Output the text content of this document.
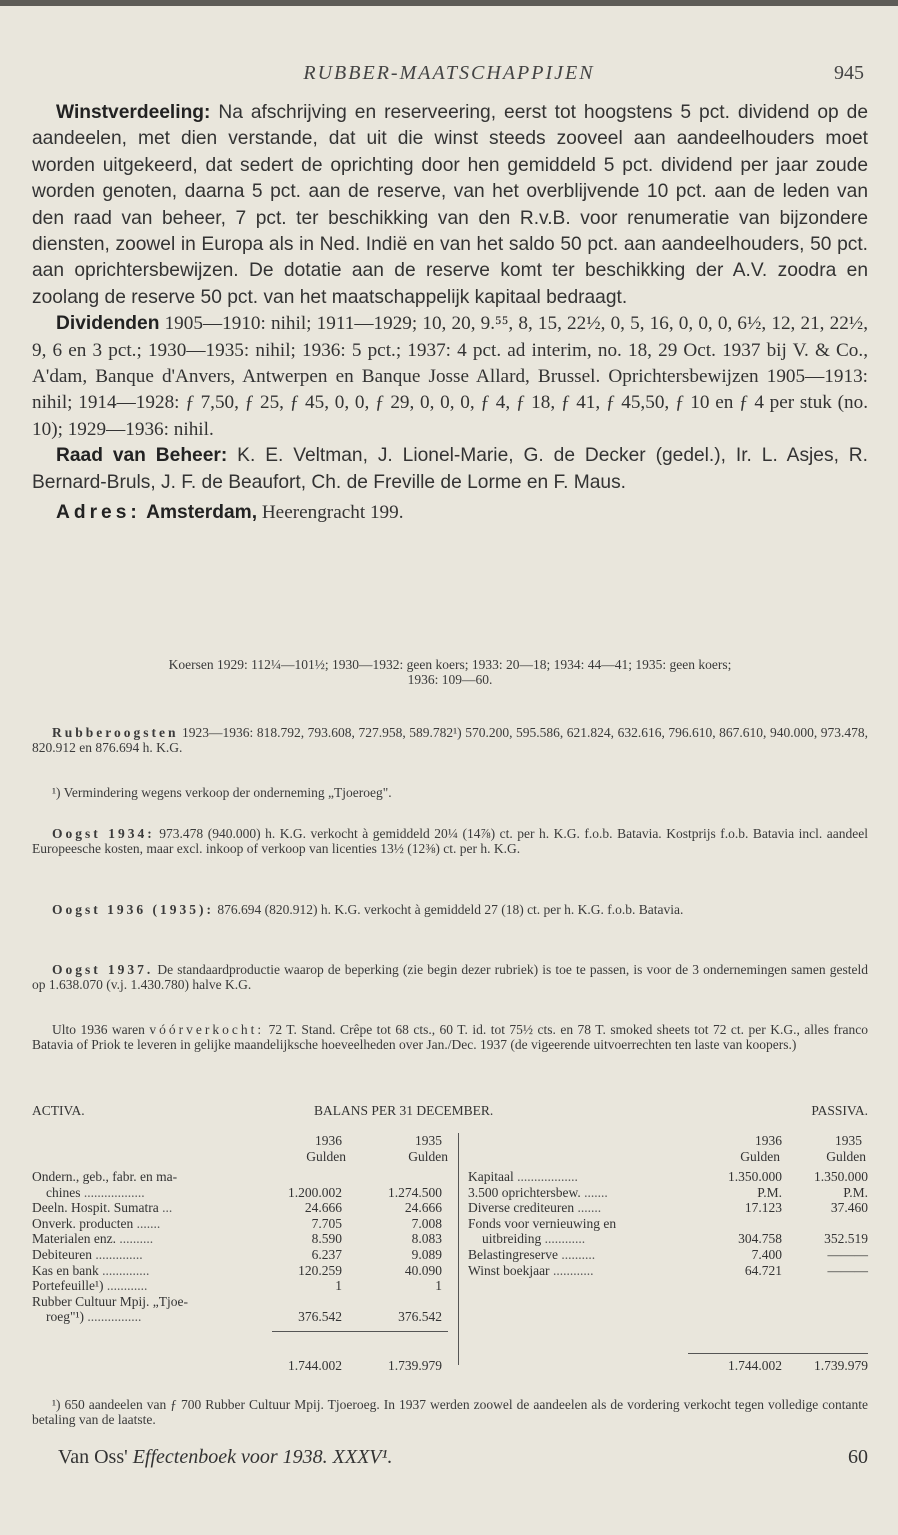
RUBBER-MAATSCHAPPIJEN	945

Winstverdeeling: Na afschrijving en reserveering, eerst tot hoogstens 5 pct. dividend op de aandeelen, met dien verstande, dat uit die winst steeds zooveel aan aandeelhouders moet worden uitgekeerd, dat sedert de oprichting door hen gemiddeld 5 pct. dividend per jaar zoude worden genoten, daarna 5 pct. aan de reserve, van het overblijvende 10 pct. aan de leden van den raad van beheer, 7 pct. ter beschikking van den R.v.B. voor renumeratie van bijzondere diensten, zoowel in Europa als in Ned. Indië en van het saldo 50 pct. aan aandeelhouders, 50 pct. aan oprichtersbewijzen. De dotatie aan de reserve komt ter beschikking der A.V. zoodra en zoolang de reserve 50 pct. van het maatschappelijk kapitaal bedraagt.

Dividenden 1905—1910: nihil; 1911—1929; 10, 20, 9.⁵⁵, 8, 15, 22½, 0, 5, 16, 0, 0, 0, 6½, 12, 21, 22½, 9, 6 en 3 pct.; 1930—1935: nihil; 1936: 5 pct.; 1937: 4 pct. ad interim, no. 18, 29 Oct. 1937 bij V. & Co., A'dam, Banque d'Anvers, Antwerpen en Banque Josse Allard, Brussel. Oprichtersbewijzen 1905—1913: nihil; 1914—1928: ƒ 7,50, ƒ 25, ƒ 45, 0, 0, ƒ 29, 0, 0, 0, ƒ 4, ƒ 18, ƒ 41, ƒ 45,50, ƒ 10 en ƒ 4 per stuk (no. 10); 1929—1936: nihil.

Raad van Beheer: K. E. Veltman, J. Lionel-Marie, G. de Decker (gedel.), Ir. L. Asjes, R. Bernard-Bruls, J. F. de Beaufort, Ch. de Freville de Lorme en F. Maus.

Adres: Amsterdam, Heerengracht 199.

Koersen 1929: 112¼—101½; 1930—1932: geen koers; 1933: 20—18; 1934: 44—41; 1935: geen koers;

1936: 109—60.

Rubberoogsten 1923—1936: 818.792, 793.608, 727.958, 589.782¹) 570.200, 595.586, 621.824, 632.616, 796.610, 867.610, 940.000, 973.478, 820.912 en 876.694 h. K.G.

¹) Vermindering wegens verkoop der onderneming „Tjoeroeg".

Oogst 1934: 973.478 (940.000) h. K.G. verkocht à gemiddeld 20¼ (14⅞) ct. per h. K.G. f.o.b. Batavia. Kostprijs f.o.b. Batavia incl. aandeel Europeesche kosten, maar excl. inkoop of verkoop van licenties 13½ (12⅜) ct. per h. K.G.

Oogst 1936 (1935): 876.694 (820.912) h. K.G. verkocht à gemiddeld 27 (18) ct. per h. K.G. f.o.b. Batavia.

Oogst 1937. De standaardproductie waarop de beperking (zie begin dezer rubriek) is toe te passen, is voor de 3 ondernemingen samen gesteld op 1.638.070 (v.j. 1.430.780) halve K.G.

Ulto 1936 waren vóórverkocht: 72 T. Stand. Crêpe tot 68 cts., 60 T. id. tot 75½ cts. en 78 T. smoked sheets tot 72 ct. per K.G., alles franco Batavia of Priok te leveren in gelijke maandelijksche hoeveelheden over Jan./Dec. 1937 (de vigeerende uitvoerrechten ten laste van koopers.)

ACTIVA.	BALANS PER 31 DECEMBER.	PASSIVA.
1936	1935
Gulden	Gulden
Ondern., geb., fabr. en ma-
chines ..................	1.200.002	1.274.500
Deeln. Hospit. Sumatra ...	24.666	24.666
Onverk. producten .......	7.705	7.008
Materialen enz. ..........	8.590	8.083
Debiteuren ..............	6.237	9.089
Kas en bank ..............	120.259	40.090
Portefeuille¹) ............	1	1
Rubber Cultuur Mpij. „Tjoe-
roeg"¹) ................	376.542	376.542
1.744.002	1.739.979
1936	1935
Gulden	Gulden
Kapitaal ..................	1.350.000	1.350.000
3.500 oprichtersbew. .......	P.M.	P.M.
Diverse crediteuren .......	17.123	37.460
Fonds voor vernieuwing en
uitbreiding ............	304.758	352.519
Belastingreserve ..........	7.400	———
Winst boekjaar ............	64.721	———
1.744.002	1.739.979

¹) 650 aandeelen van ƒ 700 Rubber Cultuur Mpij. Tjoeroeg. In 1937 werden zoowel de aandeelen als de vordering verkocht tegen volledige contante betaling van de laatste.

Van Oss' Effectenboek voor 1938. XXXV¹.	60
